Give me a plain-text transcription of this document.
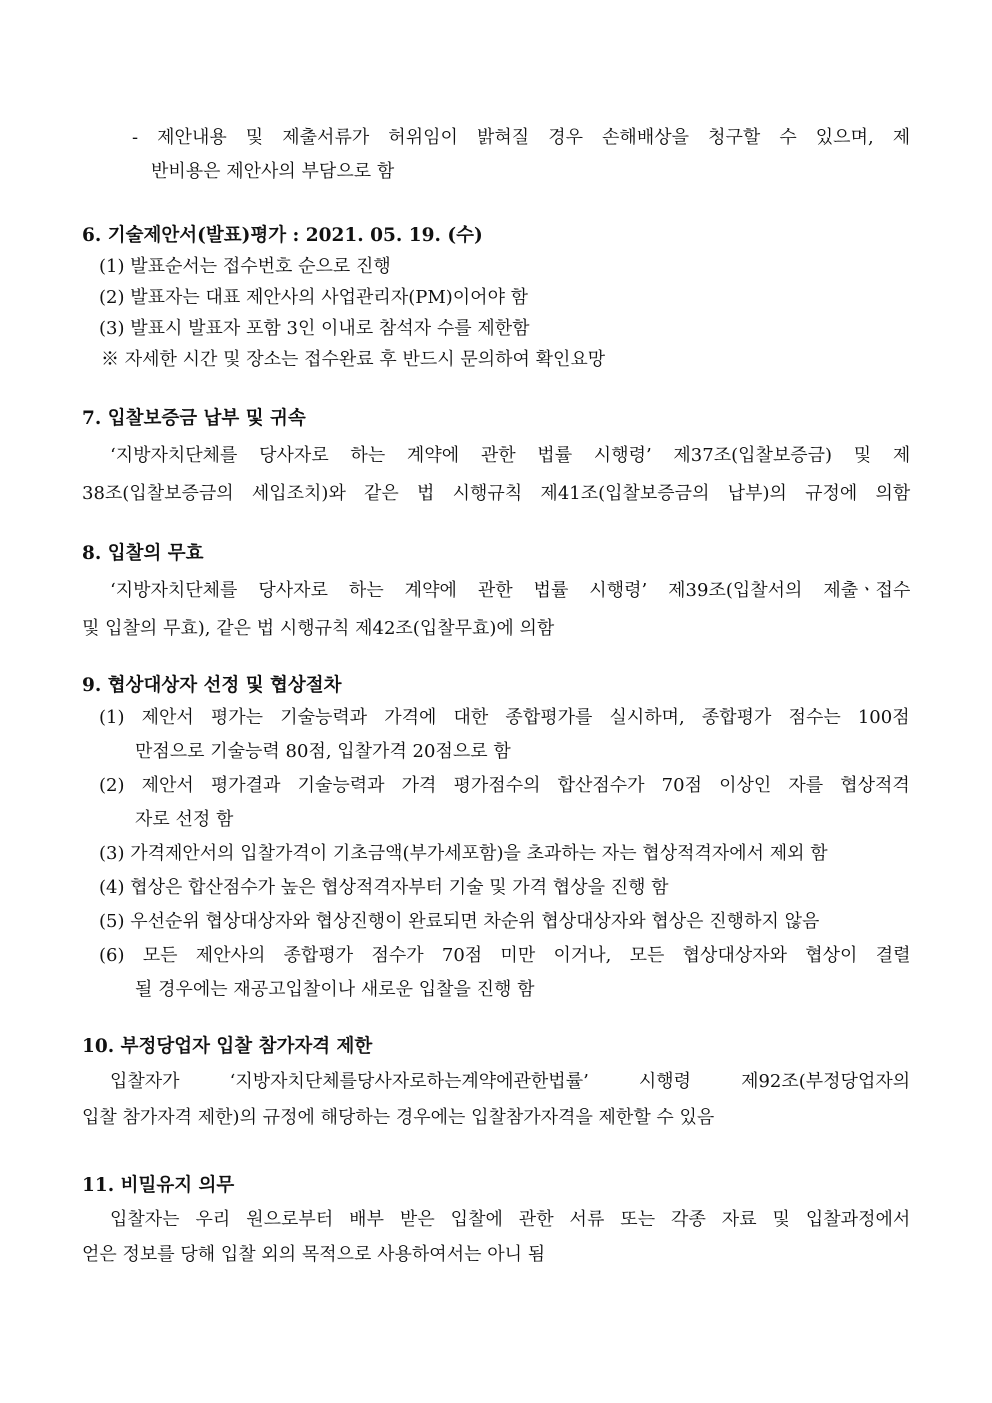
- 제안내용 및 제출서류가 허위임이 밝혀질 경우 손해배상을 청구할 수 있으며, 제
반비용은 제안사의 부담으로 함
6. 기술제안서(발표)평가 : 2021. 05. 19. (수)
(1) 발표순서는 접수번호 순으로 진행
(2) 발표자는 대표 제안사의 사업관리자(PM)이어야 함
(3) 발표시 발표자 포함 3인 이내로 참석자 수를 제한함
※ 자세한 시간 및 장소는 접수완료 후 반드시 문의하여 확인요망
7. 입찰보증금 납부 및 귀속
‘지방자치단체를 당사자로 하는 계약에 관한 법률 시행령’ 제37조(입찰보증금) 및 제
38조(입찰보증금의 세입조치)와 같은 법 시행규칙 제41조(입찰보증금의 납부)의 규정에 의함
8. 입찰의 무효
‘지방자치단체를 당사자로 하는 계약에 관한 법률 시행령’ 제39조(입찰서의 제출ㆍ접수
및 입찰의 무효), 같은 법 시행규칙 제42조(입찰무효)에 의함
9. 협상대상자 선정 및 협상절차
(1) 제안서 평가는 기술능력과 가격에 대한 종합평가를 실시하며, 종합평가 점수는 100점
만점으로 기술능력 80점, 입찰가격 20점으로 함
(2) 제안서 평가결과 기술능력과 가격 평가점수의 합산점수가 70점 이상인 자를 협상적격
자로 선정 함
(3) 가격제안서의 입찰가격이 기초금액(부가세포함)을 초과하는 자는 협상적격자에서 제외 함
(4) 협상은 합산점수가 높은 협상적격자부터 기술 및 가격 협상을 진행 함
(5) 우선순위 협상대상자와 협상진행이 완료되면 차순위 협상대상자와 협상은 진행하지 않음
(6) 모든 제안사의 종합평가 점수가 70점 미만 이거나, 모든 협상대상자와 협상이 결렬
될 경우에는 재공고입찰이나 새로운 입찰을 진행 함
10. 부정당업자 입찰 참가자격 제한
입찰자가 ‘지방자치단체를당사자로하는계약에관한법률’ 시행령 제92조(부정당업자의
입찰 참가자격 제한)의 규정에 해당하는 경우에는 입찰참가자격을 제한할 수 있음
11. 비밀유지 의무
입찰자는 우리 원으로부터 배부 받은 입찰에 관한 서류 또는 각종 자료 및 입찰과정에서
얻은 정보를 당해 입찰 외의 목적으로 사용하여서는 아니 됨
